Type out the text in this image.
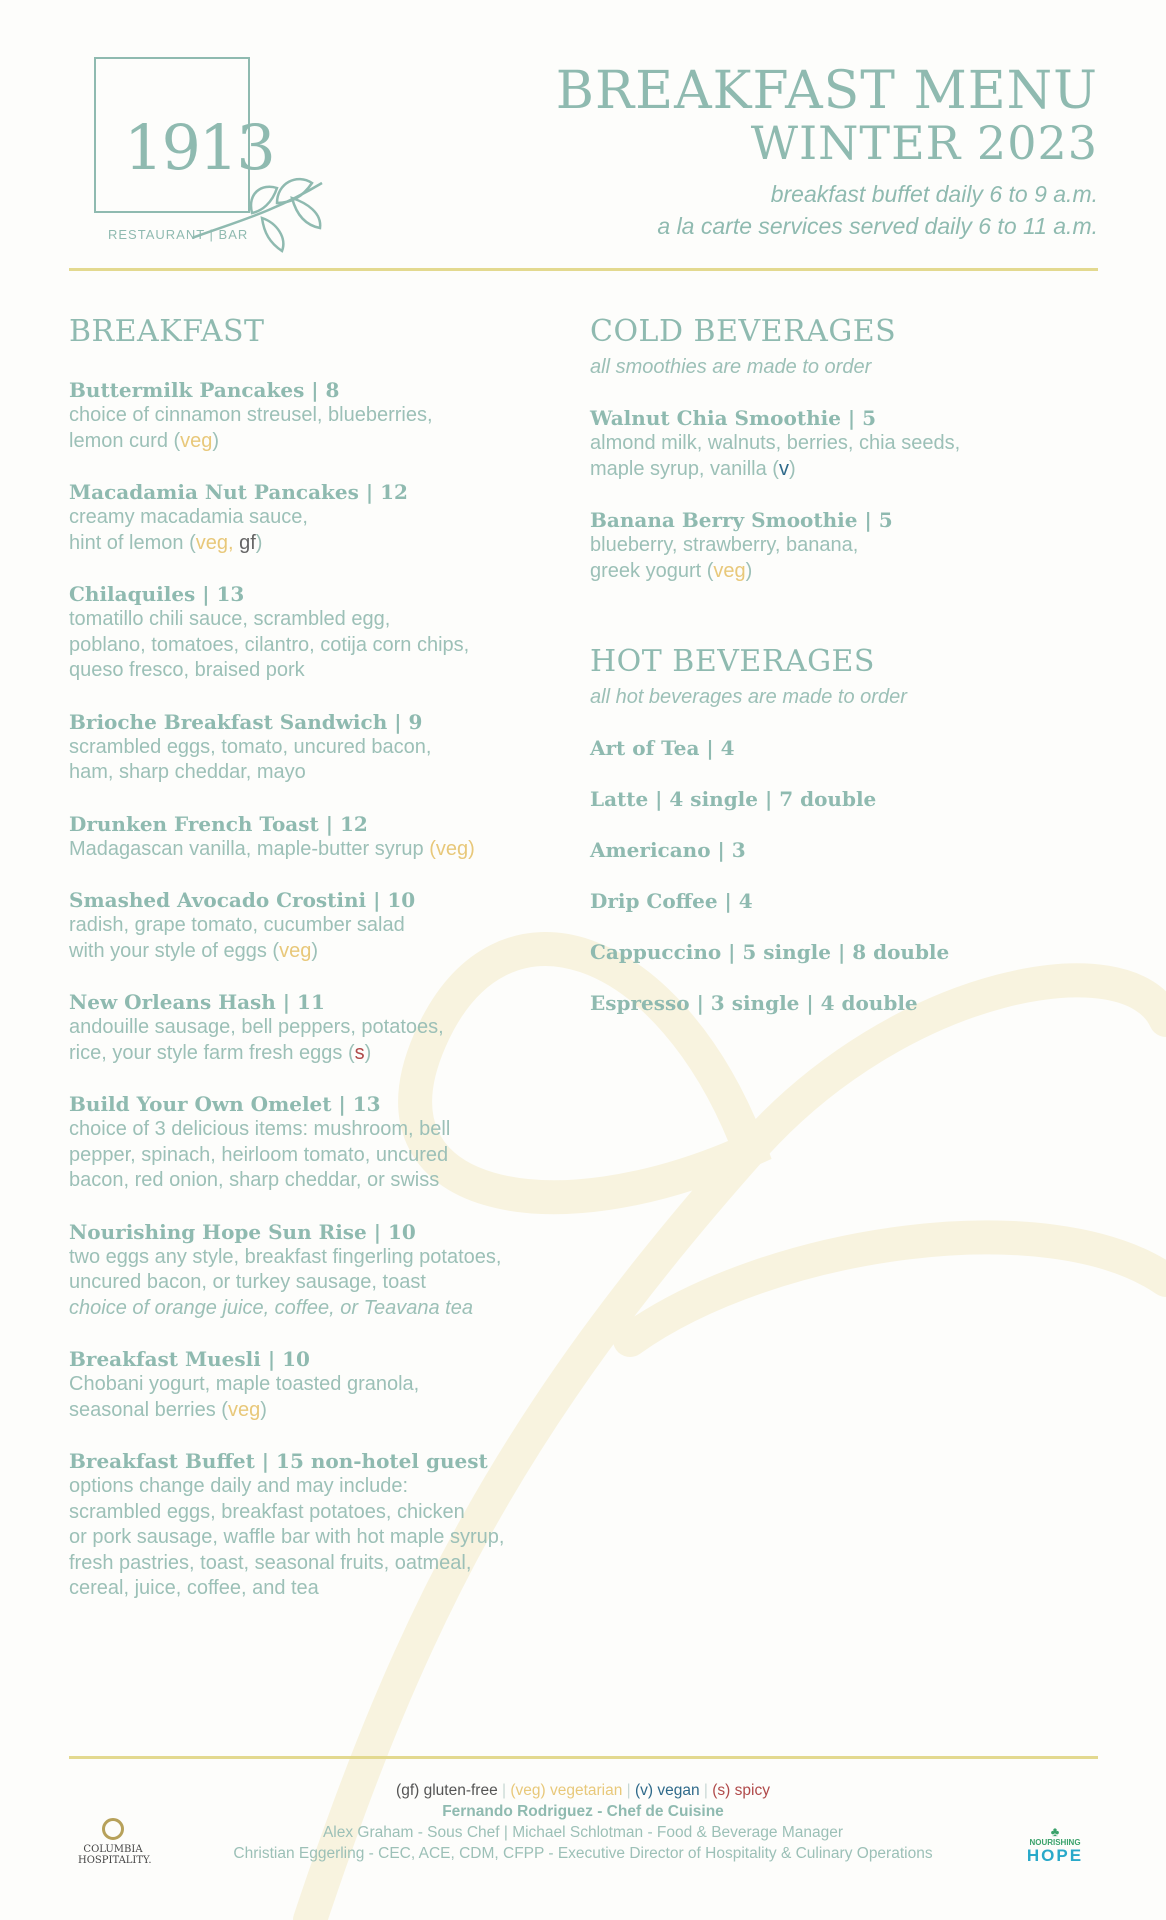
1913
RESTAURANT | BAR
BREAKFAST MENU
WINTER 2023
breakfast buffet daily 6 to 9 a.m.
a la carte services served daily 6 to 11 a.m.
BREAKFAST
Buttermilk Pancakes | 8
choice of cinnamon streusel, blueberries,
lemon curd (veg)
Macadamia Nut Pancakes | 12
creamy macadamia sauce,
hint of lemon (veg, gf)
Chilaquiles | 13
tomatillo chili sauce, scrambled egg,
poblano, tomatoes, cilantro, cotija corn chips,
queso fresco, braised pork
Brioche Breakfast Sandwich | 9
scrambled eggs, tomato, uncured bacon,
ham, sharp cheddar, mayo
Drunken French Toast | 12
Madagascan vanilla, maple-butter syrup (veg)
Smashed Avocado Crostini | 10
radish, grape tomato, cucumber salad
with your style of eggs (veg)
New Orleans Hash | 11
andouille sausage, bell peppers, potatoes,
rice, your style farm fresh eggs (s)
Build Your Own Omelet | 13
choice of 3 delicious items: mushroom, bell
pepper, spinach, heirloom tomato, uncured
bacon, red onion, sharp cheddar, or swiss
Nourishing Hope Sun Rise | 10
two eggs any style, breakfast fingerling potatoes,
uncured bacon, or turkey sausage, toast
choice of orange juice, coffee, or Teavana tea
Breakfast Muesli | 10
Chobani yogurt, maple toasted granola,
seasonal berries (veg)
Breakfast Buffet | 15 non-hotel guest
options change daily and may include:
scrambled eggs, breakfast potatoes, chicken
or pork sausage, waffle bar with hot maple syrup,
fresh pastries, toast, seasonal fruits, oatmeal,
cereal, juice, coffee, and tea
COLD BEVERAGES
all smoothies are made to order
Walnut Chia Smoothie | 5
almond milk, walnuts, berries, chia seeds,
maple syrup, vanilla (v)
Banana Berry Smoothie | 5
blueberry, strawberry, banana,
greek yogurt (veg)
HOT BEVERAGES
all hot beverages are made to order
Art of Tea | 4
Latte | 4 single | 7 double
Americano | 3
Drip Coffee | 4
Cappuccino | 5 single | 8 double
Espresso | 3 single | 4 double
(gf) gluten-free | (veg) vegetarian | (v) vegan | (s) spicy
Fernando Rodriguez - Chef de Cuisine
Alex Graham - Sous Chef | Michael Schlotman - Food & Beverage Manager
Christian Eggerling - CEC, ACE, CDM, CFPP - Executive Director of Hospitality & Culinary Operations
COLUMBIA
HOSPITALITY.
♣
NOURISHING
HOPE
